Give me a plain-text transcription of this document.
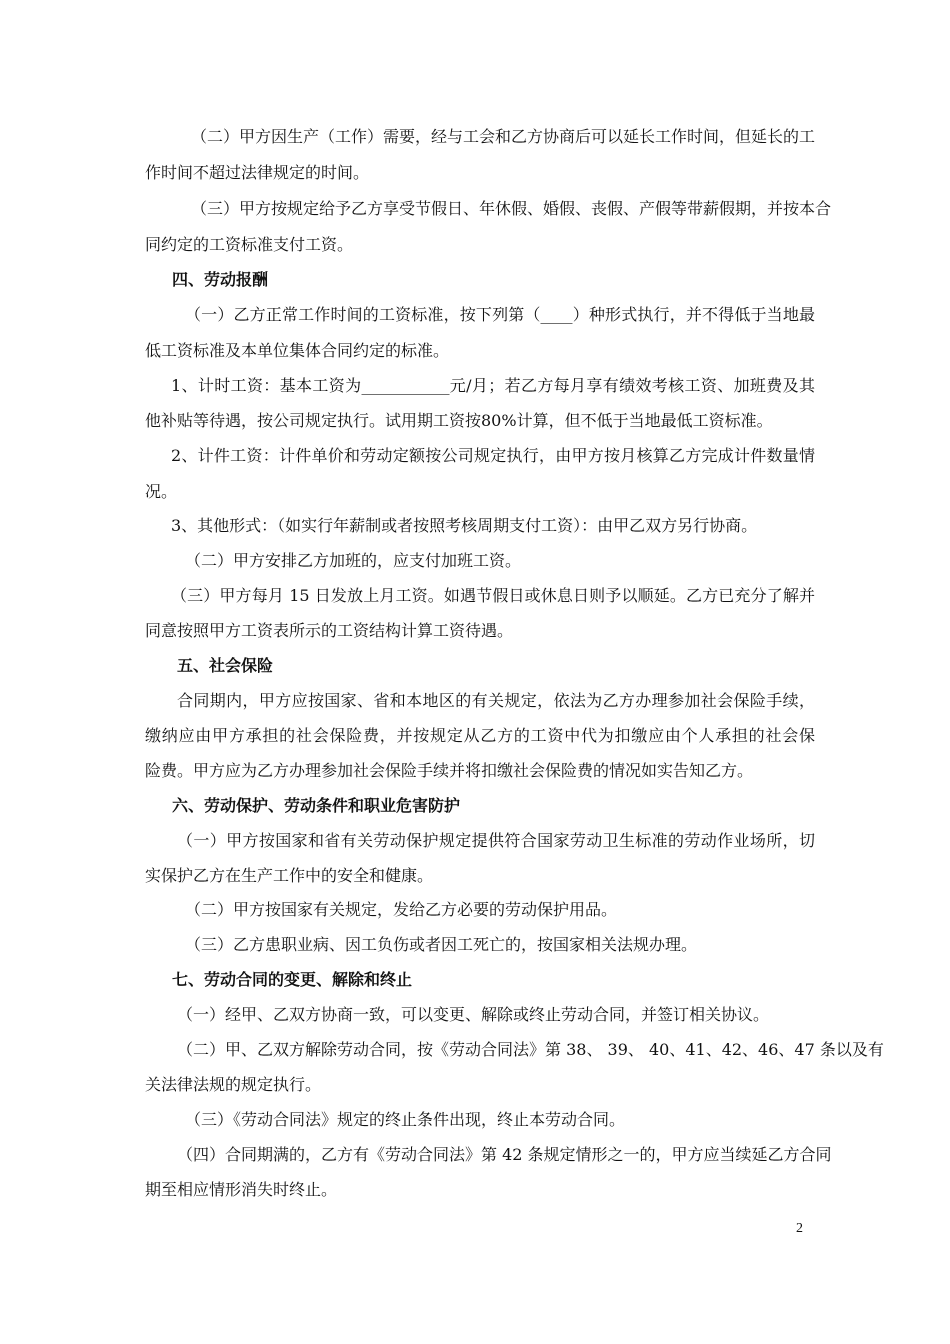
（二）甲方因生产（工作）需要，经与工会和乙方协商后可以延长工作时间，但延长的工
作时间不超过法律规定的时间。
（三）甲方按规定给予乙方享受节假日、年休假、婚假、丧假、产假等带薪假期，并按本合
同约定的工资标准支付工资。
四、劳动报酬
（一）乙方正常工作时间的工资标准，按下列第（____）种形式执行，并不得低于当地最
低工资标准及本单位集体合同约定的标准。
1、计时工资：基本工资为___________元/月；若乙方每月享有绩效考核工资、加班费及其
他补贴等待遇，按公司规定执行。试用期工资按80%计算，但不低于当地最低工资标准。
2、计件工资：计件单价和劳动定额按公司规定执行，由甲方按月核算乙方完成计件数量情
况。
3、其他形式：（如实行年薪制或者按照考核周期支付工资）：由甲乙双方另行协商。
（二）甲方安排乙方加班的，应支付加班工资。
（三）甲方每月 15 日发放上月工资。如遇节假日或休息日则予以顺延。乙方已充分了解并
同意按照甲方工资表所示的工资结构计算工资待遇。
五、社会保险
合同期内，甲方应按国家、省和本地区的有关规定，依法为乙方办理参加社会保险手续，
缴纳应由甲方承担的社会保险费，并按规定从乙方的工资中代为扣缴应由个人承担的社会保
险费。甲方应为乙方办理参加社会保险手续并将扣缴社会保险费的情况如实告知乙方。
六、劳动保护、劳动条件和职业危害防护
（一）甲方按国家和省有关劳动保护规定提供符合国家劳动卫生标准的劳动作业场所，切
实保护乙方在生产工作中的安全和健康。
（二）甲方按国家有关规定，发给乙方必要的劳动保护用品。
（三）乙方患职业病、因工负伤或者因工死亡的，按国家相关法规办理。
七、劳动合同的变更、解除和终止
（一）经甲、乙双方协商一致，可以变更、解除或终止劳动合同，并签订相关协议。
（二）甲、乙双方解除劳动合同，按《劳动合同法》第 38、 39、 40、41、42、46、47 条以及有
关法律法规的规定执行。
（三）《劳动合同法》规定的终止条件出现，终止本劳动合同。
（四）合同期满的，乙方有《劳动合同法》第 42 条规定情形之一的，甲方应当续延乙方合同
期至相应情形消失时终止。
2
